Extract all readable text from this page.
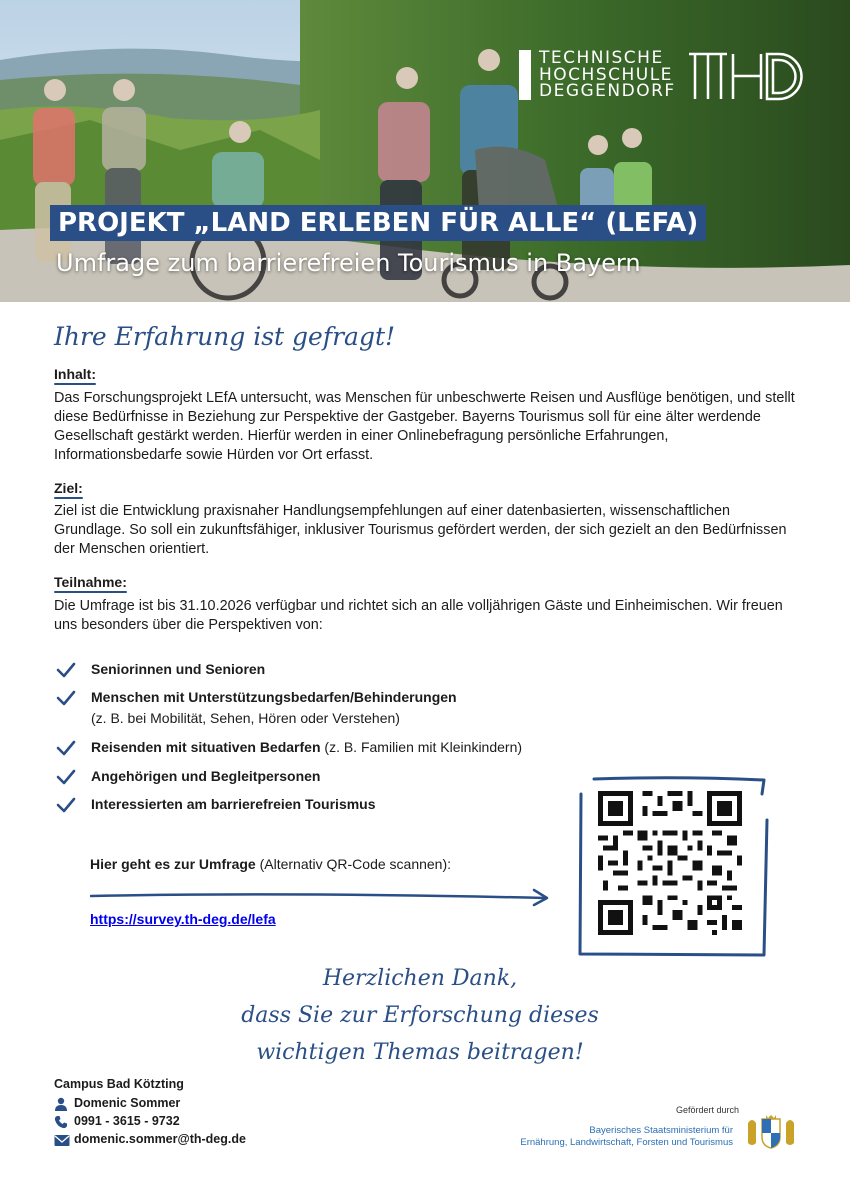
TECHNISCHE
HOCHSCHULE
DEGGENDORF
PROJEKT „LAND ERLEBEN FÜR ALLE“ (LEFA)
Umfrage zum barrierefreien Tourismus in Bayern
Ihre Erfahrung ist gefragt!
Inhalt:
Das Forschungsprojekt LEfA untersucht, was Menschen für unbeschwerte Reisen und Ausflüge benötigen, und stellt diese Bedürfnisse in Beziehung zur Perspektive der Gastgeber. Bayerns Tourismus soll für eine älter werdende Gesellschaft gestärkt werden. Hierfür werden in einer Onlinebefragung persönliche Erfahrungen, Informationsbedarfe sowie Hürden vor Ort erfasst.
Ziel:
Ziel ist die Entwicklung praxisnaher Handlungsempfehlungen auf einer datenbasierten, wissenschaftlichen Grundlage. So soll ein zukunftsfähiger, inklusiver Tourismus gefördert werden, der sich gezielt an den Bedürfnissen der Menschen orientiert.
Teilnahme:
Die Umfrage ist bis 31.10.2026 verfügbar und richtet sich an alle volljährigen Gäste und Einheimischen. Wir freuen uns besonders über die Perspektiven von:
Seniorinnen und Senioren
Menschen mit Unterstützungsbedarfen/Behinderungen
(z. B. bei Mobilität, Sehen, Hören oder Verstehen)
Reisenden mit situativen Bedarfen (z. B. Familien mit Kleinkindern)
Angehörigen und Begleitpersonen
Interessierten am barrierefreien Tourismus
Hier geht es zur Umfrage (Alternativ QR-Code scannen):
https://survey.th-deg.de/lefa
Herzlichen Dank,
dass Sie zur Erforschung dieses
wichtigen Themas beitragen!
Campus Bad Kötzting
Domenic Sommer
0991 - 3615 - 9732
domenic.sommer@th-deg.de
Gefördert durch
Bayerisches Staatsministerium für
Ernährung, Landwirtschaft, Forsten und Tourismus
